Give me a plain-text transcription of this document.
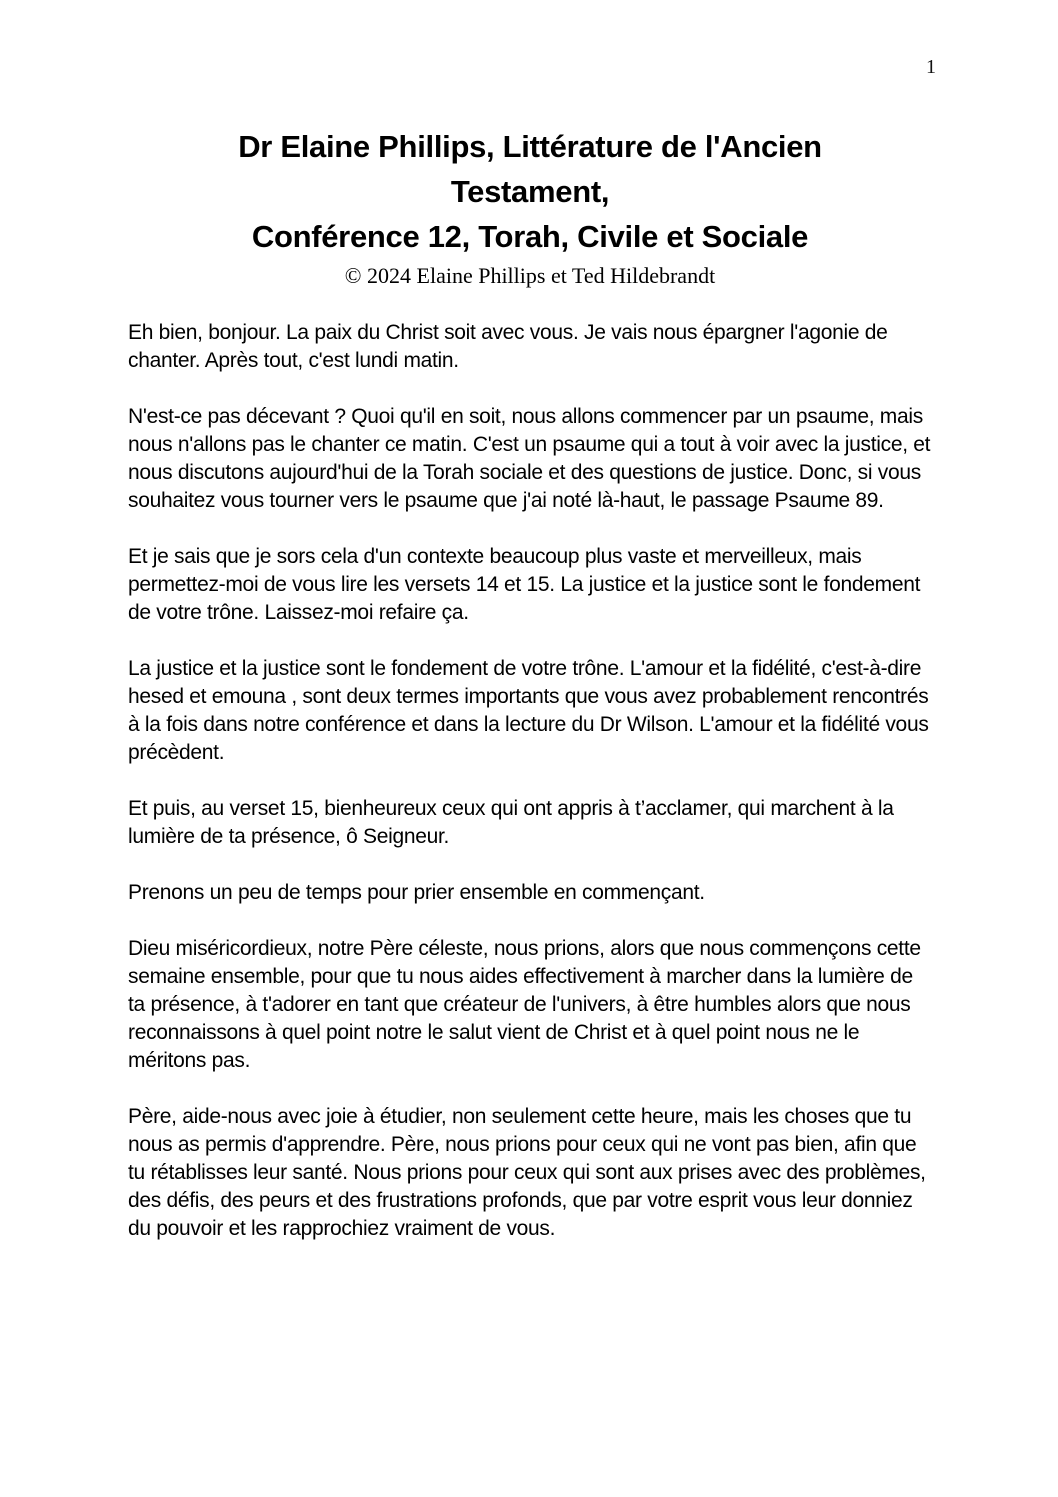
1
Dr Elaine Phillips, Littérature de l'Ancien
Testament,
Conférence 12, Torah, Civile et Sociale
© 2024 Elaine Phillips et Ted Hildebrandt

Eh bien, bonjour. La paix du Christ soit avec vous. Je vais nous épargner l'agonie de chanter. Après tout, c'est lundi matin.

N'est-ce pas décevant ? Quoi qu'il en soit, nous allons commencer par un psaume, mais nous n'allons pas le chanter ce matin. C'est un psaume qui a tout à voir avec la justice, et nous discutons aujourd'hui de la Torah sociale et des questions de justice. Donc, si vous souhaitez vous tourner vers le psaume que j'ai noté là-haut, le passage Psaume 89.

Et je sais que je sors cela d'un contexte beaucoup plus vaste et merveilleux, mais permettez-moi de vous lire les versets 14 et 15. La justice et la justice sont le fondement de votre trône. Laissez-moi refaire ça.

La justice et la justice sont le fondement de votre trône. L'amour et la fidélité, c'est-à-dire hesed et emouna , sont deux termes importants que vous avez probablement rencontrés à la fois dans notre conférence et dans la lecture du Dr Wilson. L'amour et la fidélité vous précèdent.

Et puis, au verset 15, bienheureux ceux qui ont appris à t’acclamer, qui marchent à la lumière de ta présence, ô Seigneur.

Prenons un peu de temps pour prier ensemble en commençant.

Dieu miséricordieux, notre Père céleste, nous prions, alors que nous commençons cette semaine ensemble, pour que tu nous aides effectivement à marcher dans la lumière de ta présence, à t'adorer en tant que créateur de l'univers, à être humbles alors que nous reconnaissons à quel point notre le salut vient de Christ et à quel point nous ne le méritons pas.

Père, aide-nous avec joie à étudier, non seulement cette heure, mais les choses que tu nous as permis d'apprendre. Père, nous prions pour ceux qui ne vont pas bien, afin que tu rétablisses leur santé. Nous prions pour ceux qui sont aux prises avec des problèmes, des défis, des peurs et des frustrations profonds, que par votre esprit vous leur donniez du pouvoir et les rapprochiez vraiment de vous.
